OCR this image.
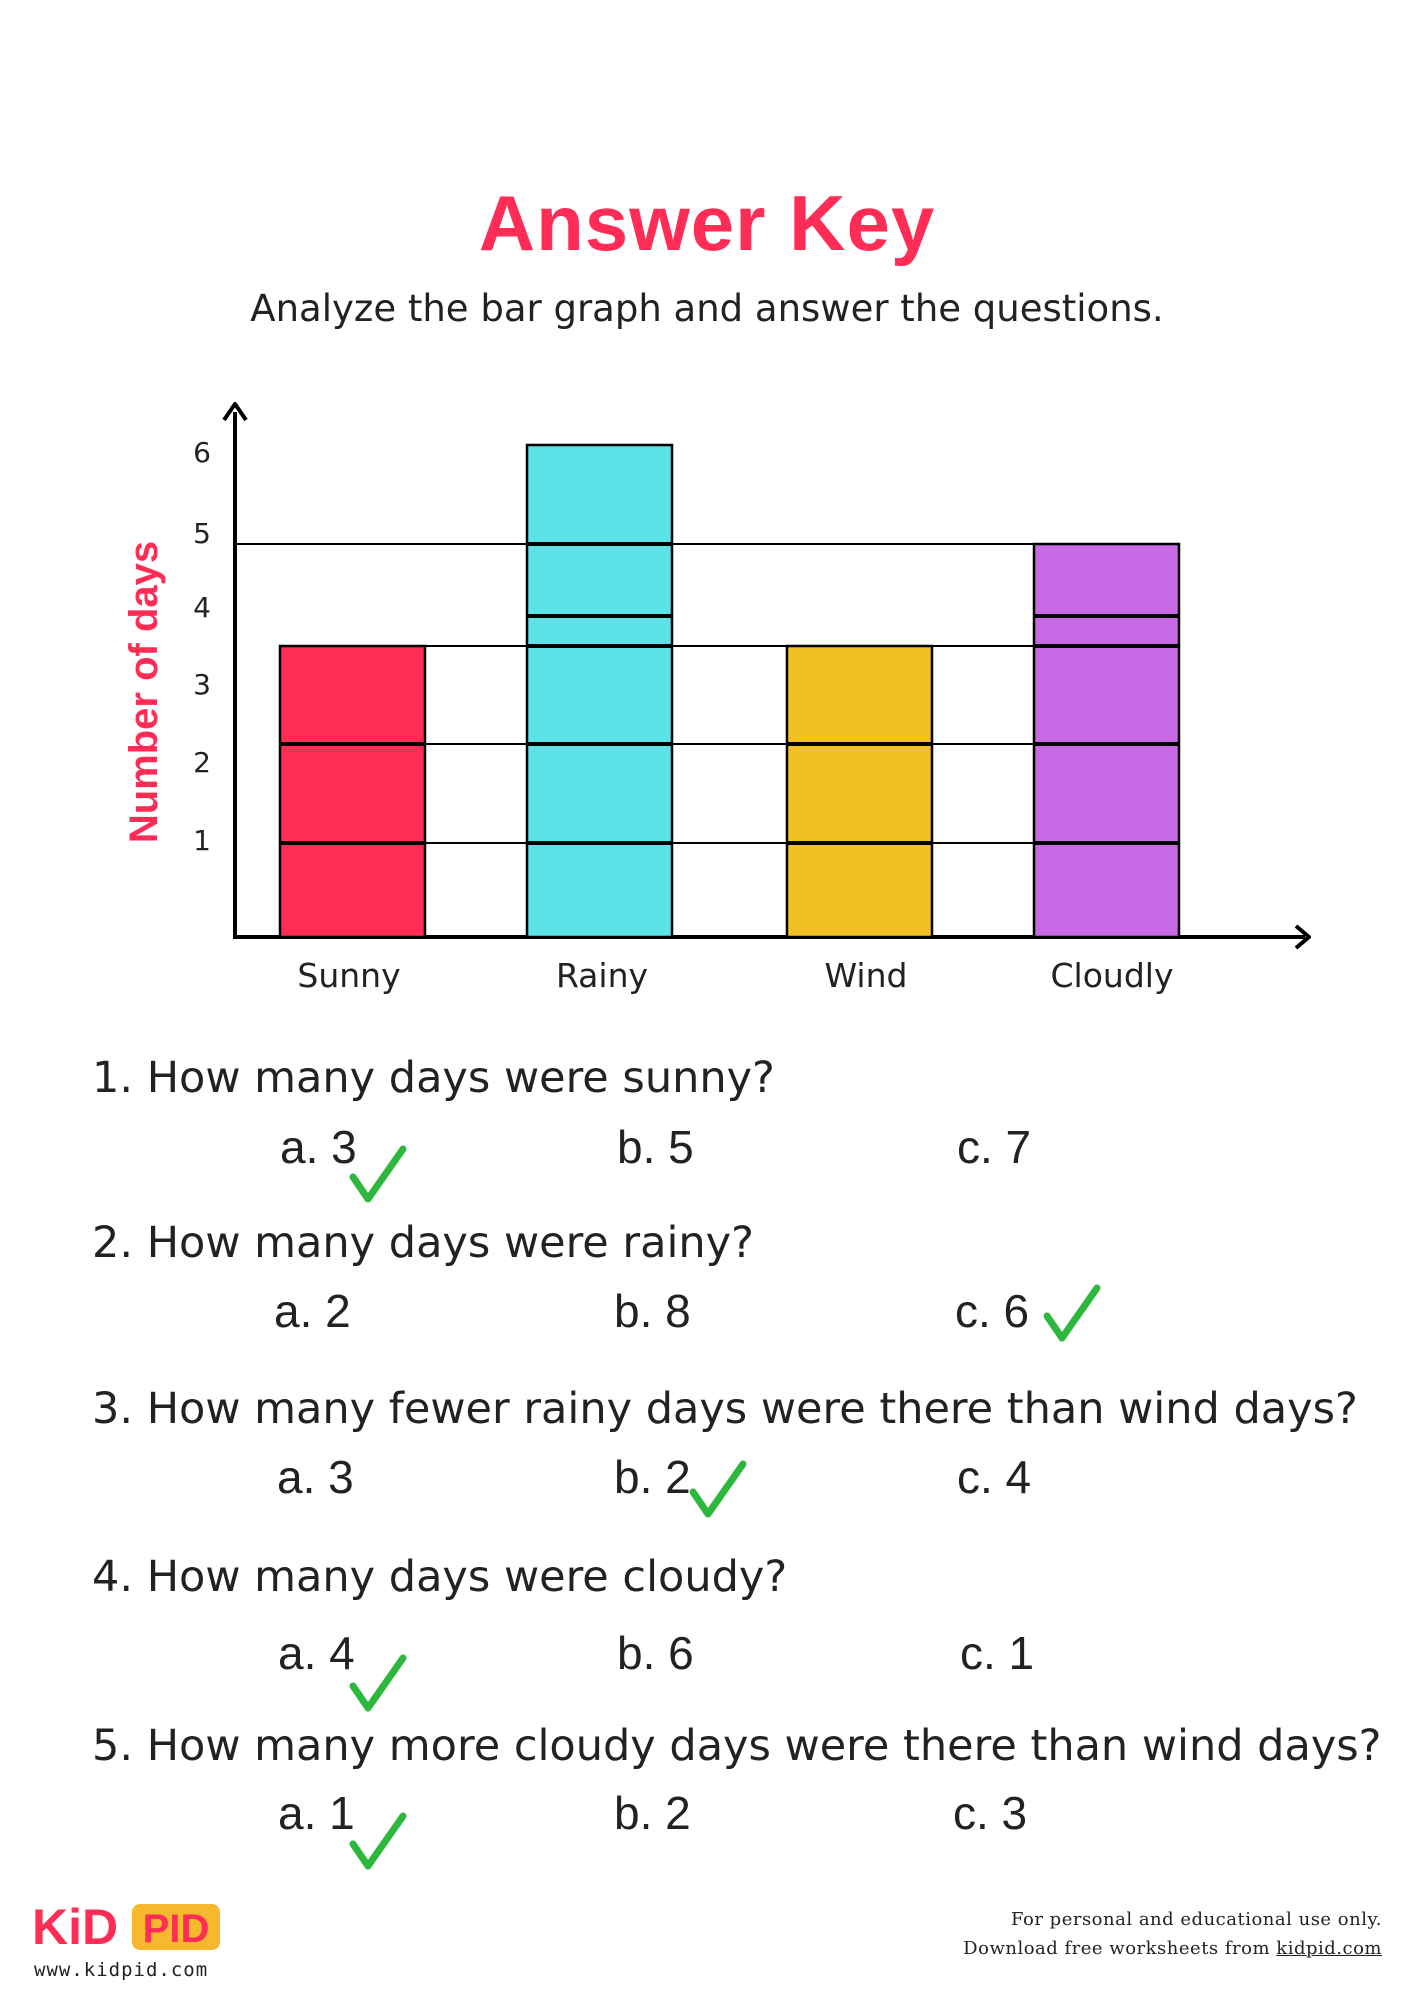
Answer Key
Analyze the bar graph and answer the questions.
Number of days 1
2
3
4
5
6
Sunny	Rainy	Wind	Cloudly
1. How many days were sunny?
a. 3	b. 5	c. 7
2. How many days were rainy?
a. 2	b. 8	c. 6
3. How many fewer rainy days were there than wind days?
a. 3	b. 2	c. 4
4. How many days were cloudy?
a. 4	b. 6	c. 1
5. How many more cloudy days were there than wind days?
a. 1	b. 2	c. 3
KiD PID
www.kidpid.com
For personal and educational use only.
Download free worksheets from kidpid.com
